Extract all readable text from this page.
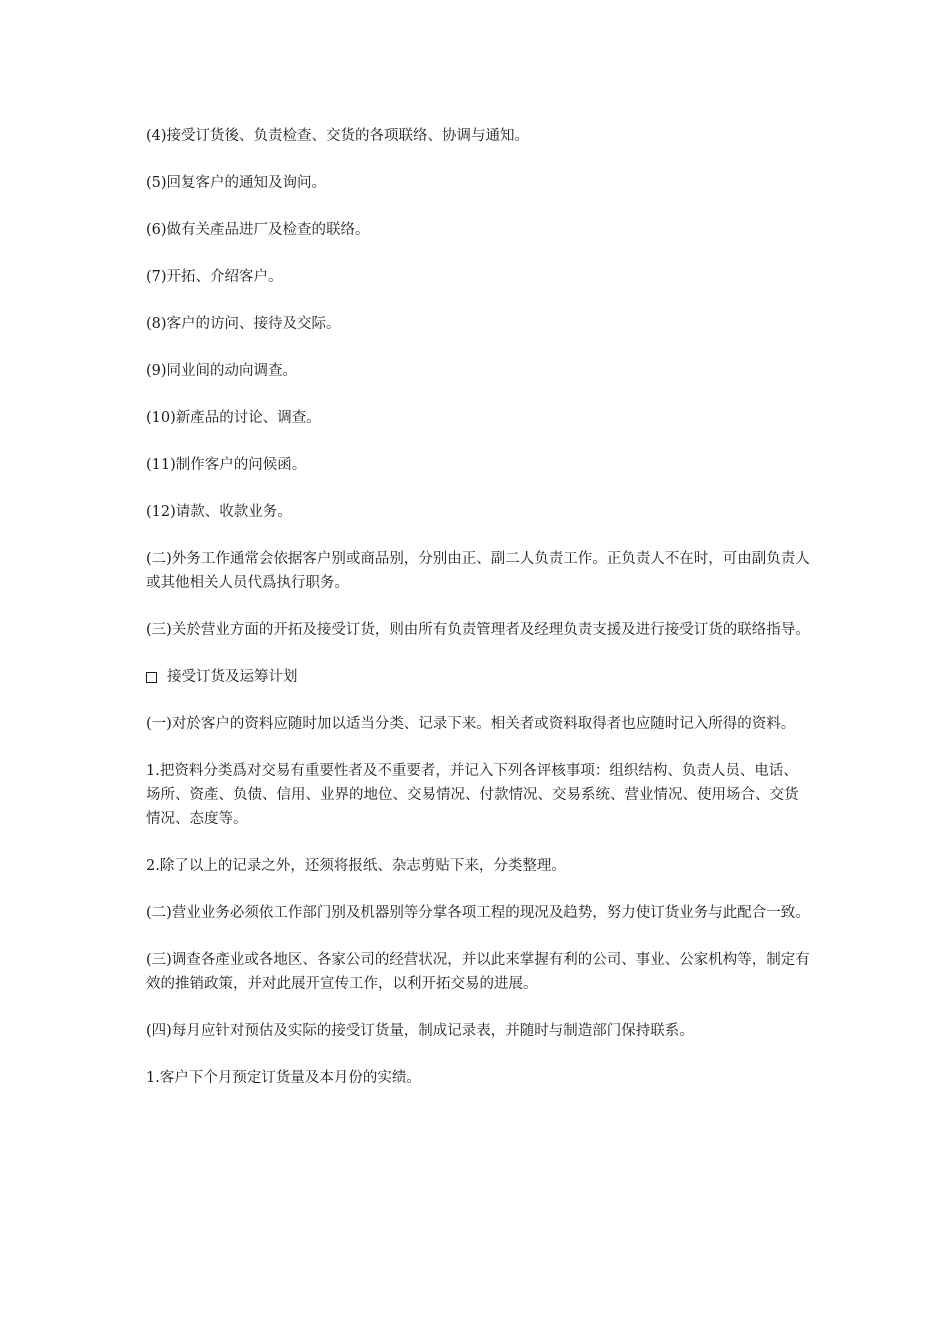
(4)接受订货後、负责检查、交货的各项联络、协调与通知。

(5)回复客户的通知及询问。

(6)做有关產品进厂及检查的联络。

(7)开拓、介绍客户。

(8)客户的访问、接待及交际。

(9)同业间的动向调查。

(10)新產品的讨论、调查。

(11)制作客户的问候函。

(12)请款、收款业务。

(二)外务工作通常会依据客户别或商品别，分别由正、副二人负责工作。正负责人不在时，可由副负责人或其他相关人员代爲执行职务。

(三)关於营业方面的开拓及接受订货，则由所有负责管理者及经理负责支援及进行接受订货的联络指导。

接受订货及运筹计划

(一)对於客户的资料应随时加以适当分类、记录下来。相关者或资料取得者也应随时记入所得的资料。

1.把资料分类爲对交易有重要性者及不重要者，并记入下列各评核事项：组织结构、负责人员、电话、场所、资產、负债、信用、业界的地位、交易情况、付款情况、交易系统、营业情况、使用场合、交货情况、态度等。

2.除了以上的记录之外，还须将报纸、杂志剪贴下来，分类整理。

(二)营业业务必须依工作部门别及机器别等分掌各项工程的现况及趋势，努力使订货业务与此配合一致。

(三)调查各產业或各地区、各家公司的经营状况，并以此来掌握有利的公司、事业、公家机构等，制定有效的推销政策，并对此展开宣传工作，以利开拓交易的进展。

(四)每月应针对预估及实际的接受订货量，制成记录表，并随时与制造部门保持联系。

1.客户下个月预定订货量及本月份的实绩。
